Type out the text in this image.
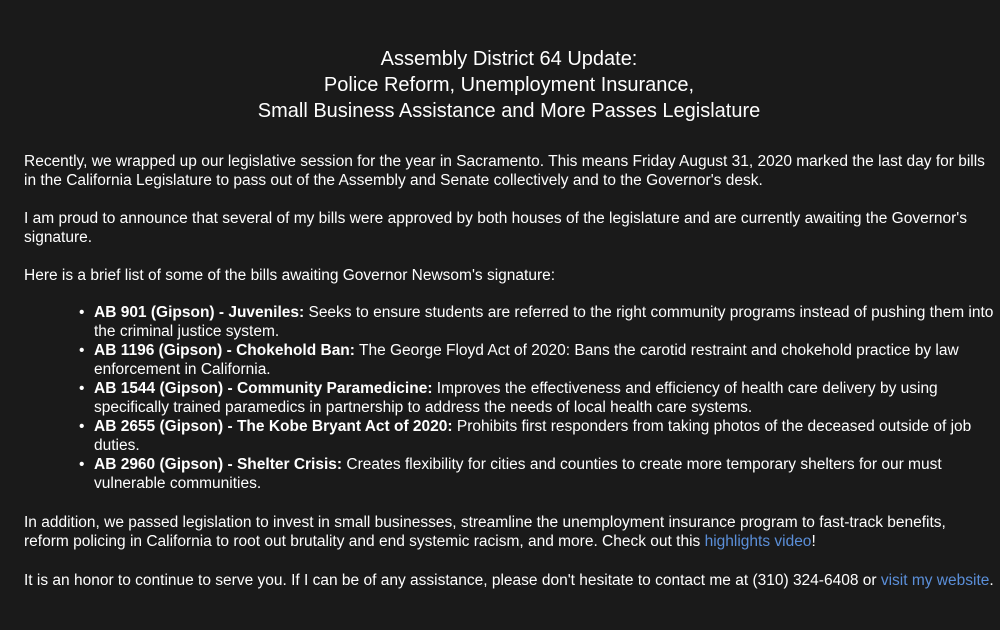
Assembly District 64 Update:
Police Reform, Unemployment Insurance,
Small Business Assistance and More Passes Legislature

Recently, we wrapped up our legislative session for the year in Sacramento. This means Friday August 31, 2020 marked the last day for bills in the California Legislature to pass out of the Assembly and Senate collectively and to the Governor's desk.

I am proud to announce that several of my bills were approved by both houses of the legislature and are currently awaiting the Governor's signature.

Here is a brief list of some of the bills awaiting Governor Newsom's signature:

• AB 901 (Gipson) - Juveniles: Seeks to ensure students are referred to the right community programs instead of pushing them into the criminal justice system.
• AB 1196 (Gipson) - Chokehold Ban: The George Floyd Act of 2020: Bans the carotid restraint and chokehold practice by law enforcement in California.
• AB 1544 (Gipson) - Community Paramedicine: Improves the effectiveness and efficiency of health care delivery by using specifically trained paramedics in partnership to address the needs of local health care systems.
• AB 2655 (Gipson) - The Kobe Bryant Act of 2020: Prohibits first responders from taking photos of the deceased outside of job duties.
• AB 2960 (Gipson) - Shelter Crisis: Creates flexibility for cities and counties to create more temporary shelters for our must vulnerable communities.

In addition, we passed legislation to invest in small businesses, streamline the unemployment insurance program to fast-track benefits, reform policing in California to root out brutality and end systemic racism, and more. Check out this highlights video!

It is an honor to continue to serve you. If I can be of any assistance, please don't hesitate to contact me at (310) 324-6408 or visit my website.
